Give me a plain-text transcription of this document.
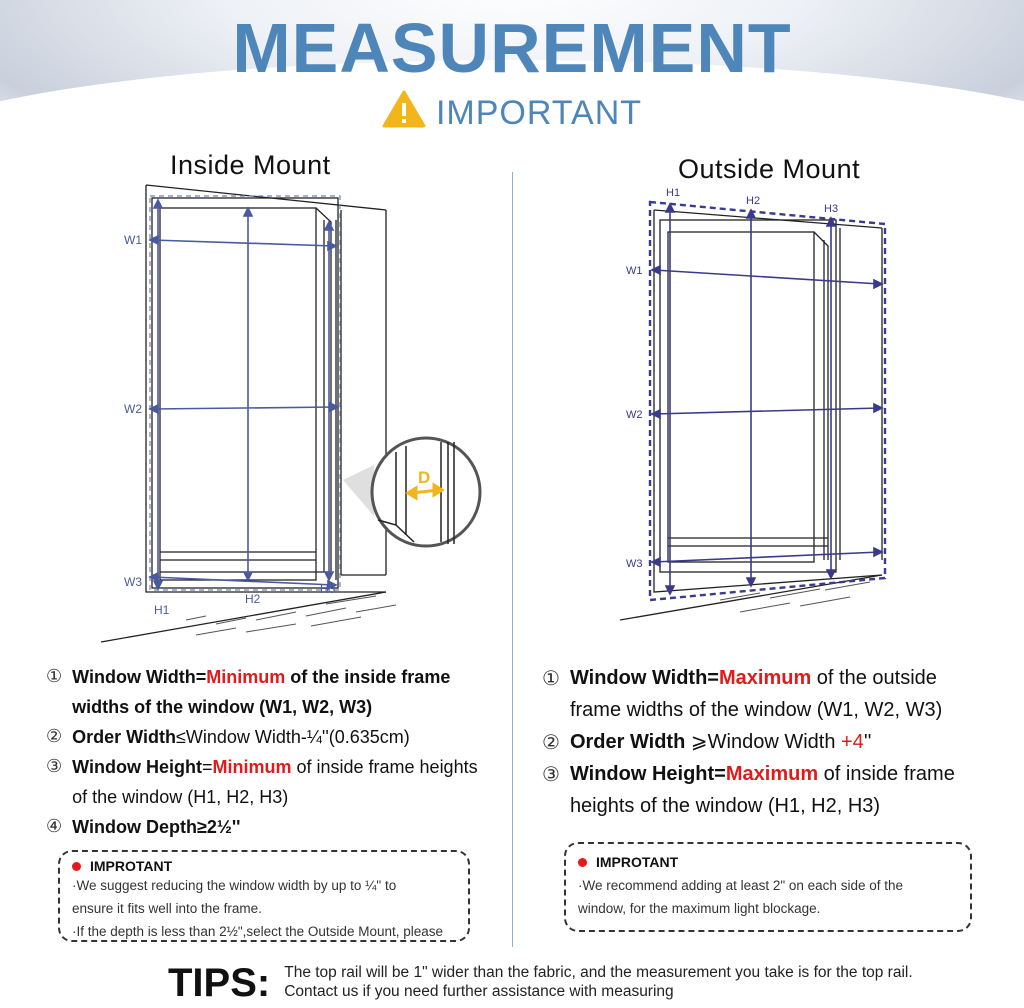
MEASUREMENT
IMPORTANT
Inside Mount
W1
W2
W3
H1
H2
H3
D
① Window Width=Minimum of the inside frame widths of the window (W1, W2, W3)
② Order Width≤Window Width-¼''(0.635cm)
③ Window Height=Minimum of inside frame heights of the window (H1, H2, H3)
④ Window Depth≥2½''
IMPROTANT
·We suggest reducing the window width by up to ¼" to
ensure it fits well into the frame.
·If the depth is less than 2½",select the Outside Mount, please
Outside Mount
W1
W2
W3
H1
H2
H3
① Window Width=Maximum of the outside frame widths of the window (W1, W2, W3)
② Order Width ⩾Window Width +4''
③ Window Height=Maximum of inside frame heights of the window (H1, H2, H3)
IMPROTANT
·We recommend adding at least 2" on each side of the
window, for the maximum light blockage.
TIPS: The top rail will be 1" wider than the fabric, and the measurement you take is for the top rail.
Contact us if you need further assistance with measuring
